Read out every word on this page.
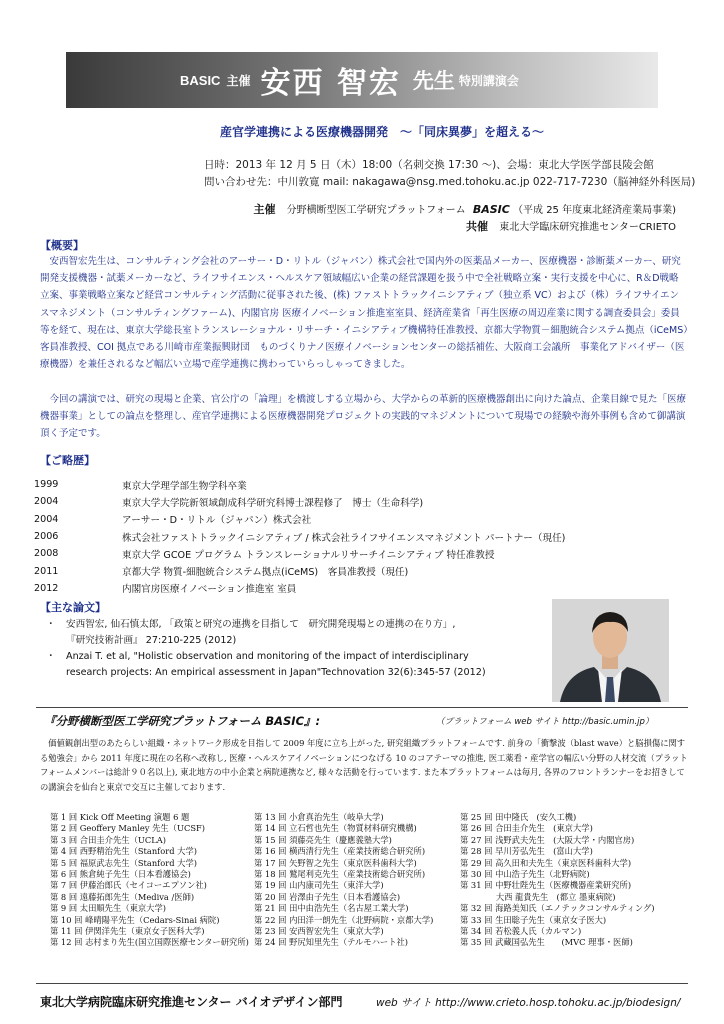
BASIC 主催 安西 智宏 先生 特別講演会
産官学連携による医療機器開発　～「同床異夢」を超える～
日時：2013 年 12 月 5 日（木）18:00（名刺交換 17:30 ～)、会場：東北大学医学部艮陵会館
問い合わせ先：中川敦寛 mail: nakagawa@nsg.med.tohoku.ac.jp 022-717-7230（脳神経外科医局)
主催 分野横断型医工学研究プラットフォーム BASIC （平成 25 年度東北経済産業局事業)
共催 東北大学臨床研究推進センターCRIETO
【概要】
安西智宏先生は、コンサルティング会社のアーサー・D・リトル（ジャパン）株式会社で国内外の医薬品メーカー、医療機器・診断薬メーカー、研究開発支援機器・試薬メーカーなど、ライフサイエンス・ヘルスケア領域幅広い企業の経営課題を扱う中で全社戦略立案・実行支援を中心に、R＆D戦略立案、事業戦略立案など経営コンサルティング活動に従事された後、(株) ファストトラックイニシアティブ（独立系 VC）および（株）ライフサイエンスマネジメント（コンサルティングファーム)、内閣官房 医療イノベーション推進室室員、経済産業省「再生医療の周辺産業に関する調査委員会」委員等を経て、現在は、東京大学総長室トランスレーショナル・リサーチ・イニシアティブ機構特任准教授、京都大学物質－細胞統合システム拠点（iCeMS）客員准教授、COI 拠点である川崎市産業振興財団　ものづくりナノ医療イノベーションセンターの総括補佐、大阪商工会議所　事業化アドバイザー（医療機器）を兼任されるなど幅広い立場で産学連携に携わっていらっしゃってきました。
今回の講演では、研究の現場と企業、官公庁の「論理」を橋渡しする立場から、大学からの革新的医療機器創出に向けた論点、企業目線で見た「医療機器事業」としての論点を整理し、産官学連携による医療機器開発プロジェクトの実践的マネジメントについて現場での経験や海外事例も含めて御講演頂く予定です。
【ご略歴】
1999	東京大学理学部生物学科卒業
2004	東京大学大学院新領域創成科学研究科博士課程修了　博士（生命科学)
2004	アーサー・D・リトル（ジャパン）株式会社
2006	株式会社ファストトラックイニシアティブ / 株式会社ライフサイエンスマネジメント パートナー（現任)
2008	東京大学 GCOE プログラム トランスレーショナルリサーチイニシアティブ 特任准教授
2011	京都大学 物質-細胞統合システム拠点(iCeMS)　客員准教授（現任)
2012	内閣官房医療イノベーション推進室 室員
【主な論文】
・ 安西智宏, 仙石慎太郎, 「政策と研究の連携を目指して　研究開発現場との連携の在り方」,
『研究技術計画』 27:210-225 (2012)
・ Anzai T. et al, "Holistic observation and monitoring of the impact of interdisciplinary
research projects: An empirical assessment in Japan"Technovation 32(6):345-57 (2012)
『分野横断型医工学研究プラットフォーム BASIC』:	（プラットフォーム web サイト http://basic.umin.jp）
価値観創出型のあたらしい組織・ネットワーク形成を目指して 2009 年度に立ち上がった, 研究組織プラットフォームです. 前身の「衝撃波（blast wave）と脳損傷に関する勉強会」から 2011 年度に現在の名称へ改称し, 医療・ヘルスケアイノベーションにつなげる 10 のコアテーマの推進, 医工薬看・産学官の幅広い分野の人材交流（プラットフォームメンバーは総計９０名以上), 東北地方の中小企業と病院連携など, 様々な活動を行っています. また本プラットフォームは毎月, 各界のフロントランナーをお招きしての講演会を仙台と東京で交互に主催しております.
第 1 回 Kick Off Meeting 演題 6 題
第 2 回 Geoffery Manley 先生（UCSF)
第 3 回 合田圭介先生（UCLA)
第 4 回 西野精治先生（Stanford 大学)
第 5 回 福原武志先生（Stanford 大学)
第 6 回 熊倉純子先生（日本看護協会)
第 7 回 伊藤治郎氏（セイコーエプソン社)
第 8 回 遠藤拓郎先生（Mediva /医師)
第 9 回 太田順先生（東京大学)
第 10 回 峰晴陽平先生（Cedars-Sinai 病院)
第 11 回 伊関洋先生（東京女子医科大学)
第 12 回 志村まり先生(国立国際医療センター研究所)
第 13 回 小倉真治先生（岐阜大学)
第 14 回 立石哲也先生（物質材料研究機構)
第 15 回 須藤亮先生（慶應義塾大学)
第 16 回 横西清行先生（産業技術総合研究所)
第 17 回 矢野智之先生（東京医科歯科大学)
第 18 回 鷲尾利克先生（産業技術総合研究所)
第 19 回 山内康司先生（東洋大学)
第 20 回 岩澤由子先生（日本看護協会)
第 21 回 田中由浩先生（名古屋工業大学)
第 22 回 内田洋一朗先生（北野病院・京都大学)
第 23 回 安西智宏先生（東京大学)
第 24 回 野尻知里先生（テルモハート社)
第 25 回 田中隆氏　(安久工機)
第 26 回 合田圭介先生　(東京大学)
第 27 回 浅野武夫先生　(大阪大学・内閣官房)
第 28 回 早川芳弘先生　(富山大学)
第 29 回 高久田和夫先生（東京医科歯科大学)
第 30 回 中山浩子先生（北野病院)
第 31 回 中野壮陛先生（医療機器産業研究所)
　　　　 大西 龍貴先生　(都立 墨東病院)
第 32 回 海路美知氏（エノテックコンサルティング)
第 33 回 生田聡子先生（東京女子医大)
第 34 回 若松義人氏（カルマン)
第 35 回 武藏国弘先生　　(MVC 理事・医師)
東北大学病院臨床研究推進センター バイオデザイン部門	web サイト http://www.crieto.hosp.tohoku.ac.jp/biodesign/
